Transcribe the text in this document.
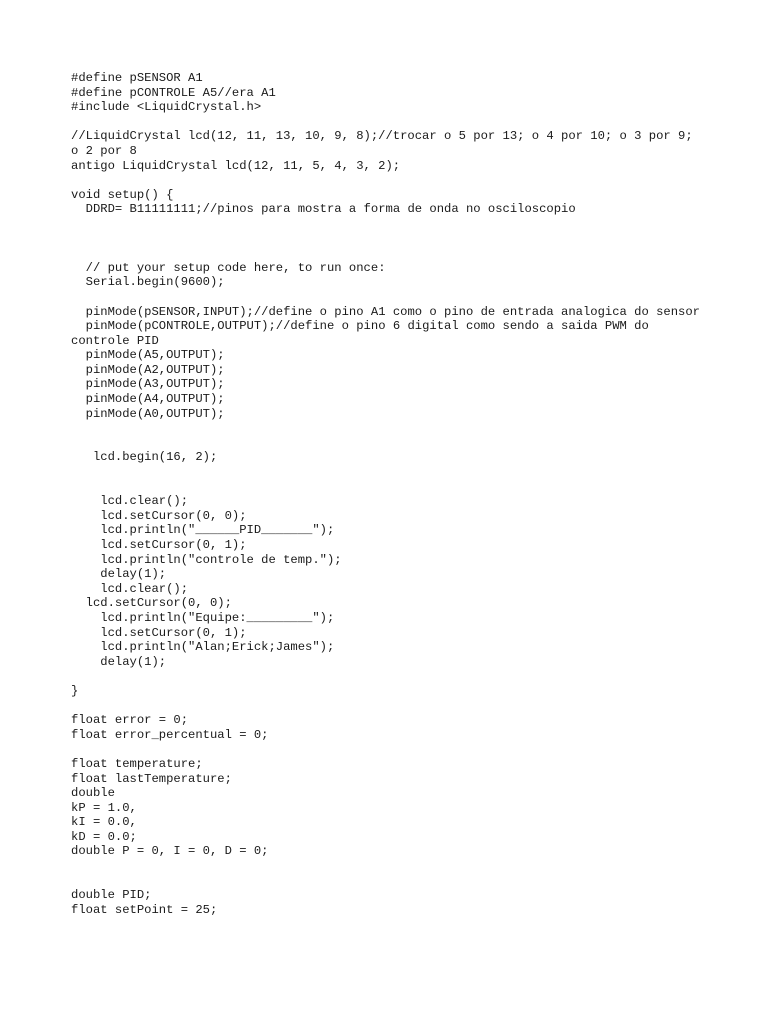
#define pSENSOR A1
#define pCONTROLE A5//era A1
#include <LiquidCrystal.h>
//LiquidCrystal lcd(12, 11, 13, 10, 9, 8);//trocar o 5 por 13; o 4 por 10; o 3 por 9; o 2 por 8
antigo LiquidCrystal lcd(12, 11, 5, 4, 3, 2);
void setup() {
DDRD= B11111111;//pinos para mostra a forma de onda no osciloscopio
// put your setup code here, to run once:
Serial.begin(9600);
pinMode(pSENSOR,INPUT);//define o pino A1 como o pino de entrada analogica do sensor
pinMode(pCONTROLE,OUTPUT);//define o pino 6 digital como sendo a saida PWM do controle PID
pinMode(A5,OUTPUT);
pinMode(A2,OUTPUT);
pinMode(A3,OUTPUT);
pinMode(A4,OUTPUT);
pinMode(A0,OUTPUT);
lcd.begin(16, 2);
lcd.clear();
lcd.setCursor(0, 0);
lcd.println("______PID_______");
lcd.setCursor(0, 1);
lcd.println("controle de temp.");
delay(1);
lcd.clear();
lcd.setCursor(0, 0);
lcd.println("Equipe:_________");
lcd.setCursor(0, 1);
lcd.println("Alan;Erick;James");
delay(1);
}
float error = 0;
float error_percentual = 0;
float temperature;
float lastTemperature;
double
kP = 1.0,
kI = 0.0,
kD = 0.0;
double P = 0, I = 0, D = 0;
double PID;
float setPoint = 25;
